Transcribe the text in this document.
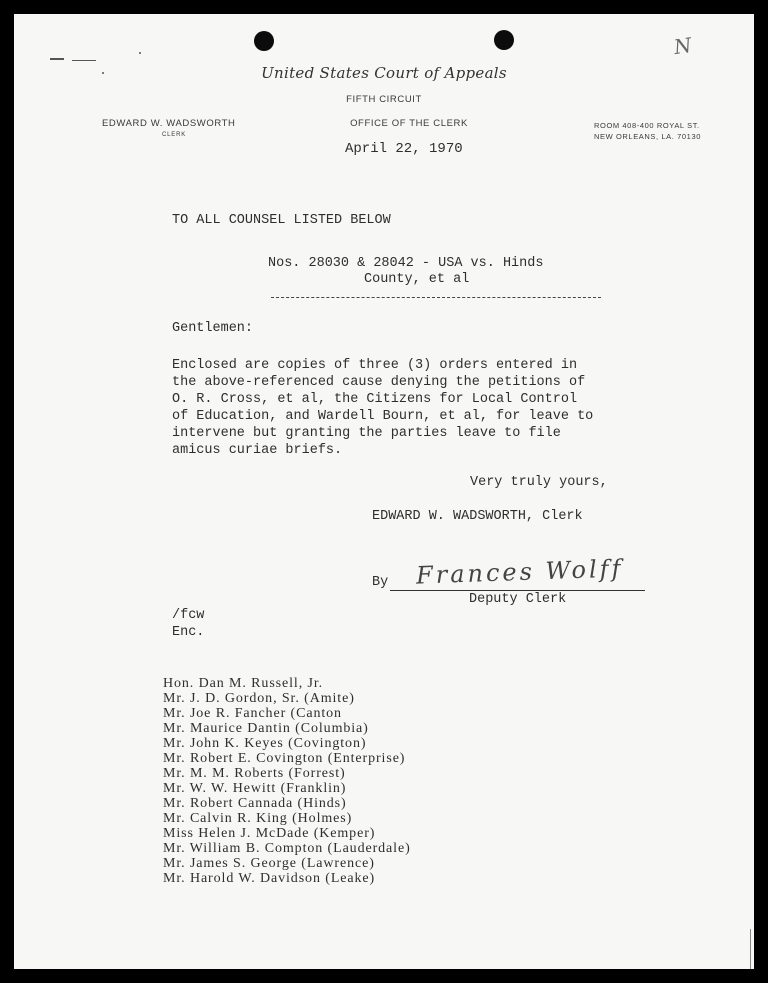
United States Court of Appeals
FIFTH CIRCUIT
EDWARD W. WADSWORTH
CLERK
OFFICE OF THE CLERK	ROOM 408-400 ROYAL ST.
NEW ORLEANS, LA. 70130
N
April 22, 1970
TO ALL COUNSEL LISTED BELOW
Nos. 28030 & 28042 - USA vs. Hinds
County, et al
Gentlemen:
Enclosed are copies of three (3) orders entered in
the above-referenced cause denying the petitions of
O. R. Cross, et al, the Citizens for Local Control
of Education, and Wardell Bourn, et al, for leave to
intervene but granting the parties leave to file
amicus curiae briefs.
Very truly yours,
EDWARD W. WADSWORTH, Clerk
By Frances Wolff
Deputy Clerk
/fcw
Enc.
Hon. Dan M. Russell, Jr.
Mr. J. D. Gordon, Sr. (Amite)
Mr. Joe R. Fancher (Canton
Mr. Maurice Dantin (Columbia)
Mr. John K. Keyes (Covington)
Mr. Robert E. Covington (Enterprise)
Mr. M. M. Roberts (Forrest)
Mr. W. W. Hewitt (Franklin)
Mr. Robert Cannada (Hinds)
Mr. Calvin R. King (Holmes)
Miss Helen J. McDade (Kemper)
Mr. William B. Compton (Lauderdale)
Mr. James S. George (Lawrence)
Mr. Harold W. Davidson (Leake)
